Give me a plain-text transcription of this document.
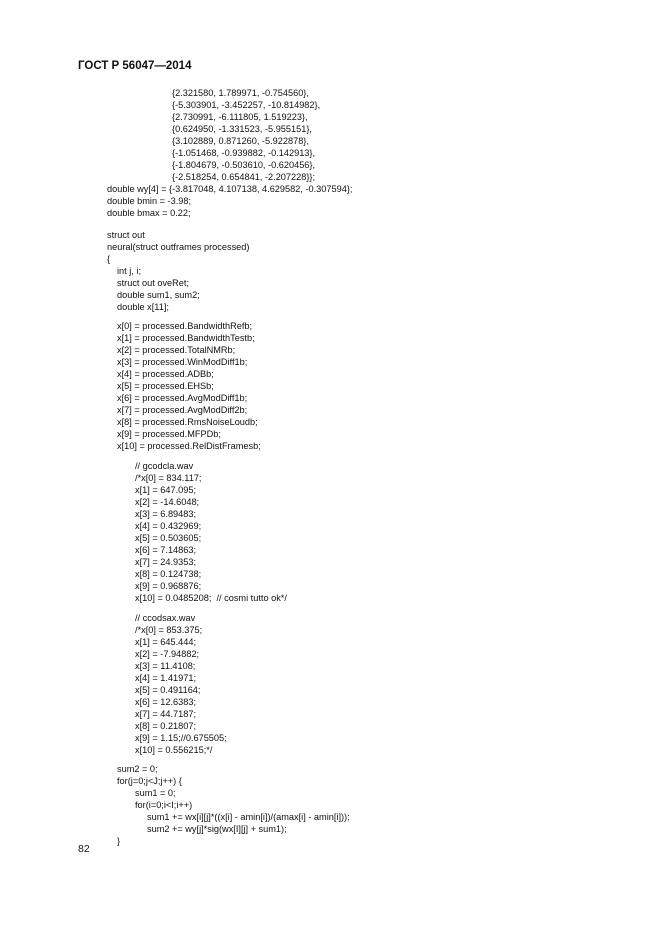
ГОСТ Р 56047—2014
{2.321580, 1.789971, -0.754560},
{-5.303901, -3.452257, -10.814982},
{2.730991, -6.111805, 1.519223},
{0.624950, -1.331523, -5.955151},
{3.102889, 0.871260, -5.922878},
{-1.051468, -0.939882, -0.142913},
{-1.804679, -0.503610, -0.620456},
{-2.518254, 0.654841, -2.207228}};
double wy[4] = {-3.817048, 4.107138, 4.629582, -0.307594};
double bmin = -3.98;
double bmax = 0.22;
struct out
neural(struct outframes processed)
{
int j, i;
struct out oveRet;
double sum1, sum2;
double x[11];
x[0] = processed.BandwidthRefb;
x[1] = processed.BandwidthTestb;
x[2] = processed.TotalNMRb;
x[3] = processed.WinModDiff1b;
x[4] = processed.ADBb;
x[5] = processed.EHSb;
x[6] = processed.AvgModDiff1b;
x[7] = processed.AvgModDiff2b;
x[8] = processed.RmsNoiseLoudb;
x[9] = processed.MFPDb;
x[10] = processed.RelDistFramesb;
// gcodcla.wav
/*x[0] = 834.117;
x[1] = 647.095;
x[2] = -14.6048;
x[3] = 6.89483;
x[4] = 0.432969;
x[5] = 0.503605;
x[6] = 7.14863;
x[7] = 24.9353;
x[8] = 0.124738;
x[9] = 0.968876;
x[10] = 0.0485208;  // cosmi tutto ok*/
// ccodsax.wav
/*x[0] = 853.375;
x[1] = 645.444;
x[2] = -7.94882;
x[3] = 11.4108;
x[4] = 1.41971;
x[5] = 0.491164;
x[6] = 12.6383;
x[7] = 44.7187;
x[8] = 0.21807;
x[9] = 1.15;//0.675505;
x[10] = 0.556215;*/
sum2 = 0;
for(j=0;j<J;j++) {
sum1 = 0;
for(i=0;i<I;i++)
sum1 += wx[i][j]*((x[i] - amin[i])/(amax[i] - amin[i]));
sum2 += wy[j]*sig(wx[I][j] + sum1);
}
82
